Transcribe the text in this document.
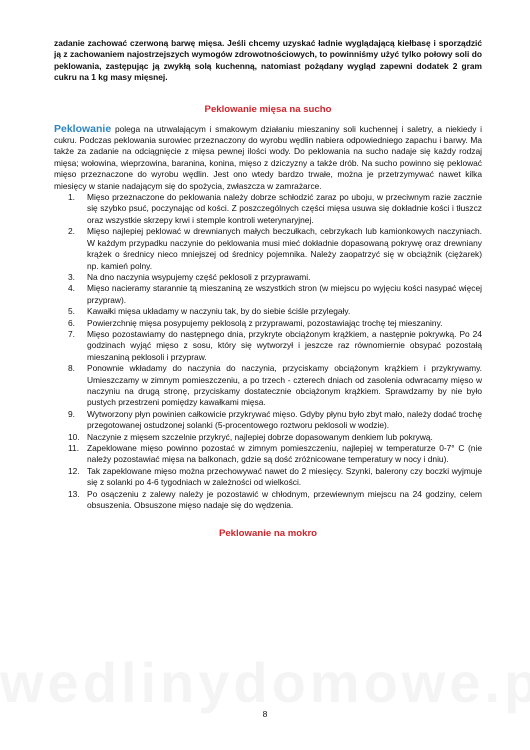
zadanie zachować czerwoną barwę mięsa. Jeśli chcemy uzyskać ładnie wyglądającą kiełbasę i sporządzić ją z zachowaniem najostrzejszych wymogów zdrowotnościowych, to powinniśmy użyć tylko połowy soli do peklowania, zastępując ją zwykłą solą kuchenną, natomiast pożądany wygląd zapewni dodatek 2 gram cukru na 1 kg masy mięsnej.

Peklowanie mięsa na sucho

Peklowanie polega na utrwalającym i smakowym działaniu mieszaniny soli kuchennej i saletry, a niekiedy i cukru. Podczas peklowania surowiec przeznaczony do wyrobu wędlin nabiera odpowiedniego zapachu i barwy. Ma także za zadanie na odciągnięcie z mięsa pewnej ilości wody. Do peklowania na sucho nadaje się każdy rodzaj mięsa; wołowina, wieprzowina, baranina, konina, mięso z dziczyzny a także drób. Na sucho powinno się peklować mięso przeznaczone do wyrobu wędlin. Jest ono wtedy bardzo trwałe, można je przetrzymywać nawet kilka miesięcy w stanie nadającym się do spożycia, zwłaszcza w zamrażarce.

1. Mięso przeznaczone do peklowania należy dobrze schłodzić zaraz po uboju, w przeciwnym razie zacznie się szybko psuć, poczynając od kości. Z poszczególnych części mięsa usuwa się dokładnie kości i tłuszcz oraz wszystkie skrzepy krwi i stemple kontroli weterynaryjnej.
2. Mięso najlepiej peklować w drewnianych małych beczułkach, cebrzykach lub kamionkowych naczyniach. W każdym przypadku naczynie do peklowania musi mieć dokładnie dopasowaną pokrywę oraz drewniany krążek o średnicy nieco mniejszej od średnicy pojemnika. Należy zaopatrzyć się w obciążnik (ciężarek) np. kamień polny.
3. Na dno naczynia wsypujemy część peklosoli z przyprawami.
4. Mięso nacieramy starannie tą mieszaniną ze wszystkich stron (w miejscu po wyjęciu kości nasypać więcej przypraw).
5. Kawałki mięsa układamy w naczyniu tak, by do siebie ściśle przylegały.
6. Powierzchnię mięsa posypujemy peklosolą z przyprawami, pozostawiając trochę tej mieszaniny.
7. Mięso pozostawiamy do następnego dnia, przykryte obciążonym krążkiem, a następnie pokrywką. Po 24 godzinach wyjąć mięso z sosu, który się wytworzył i jeszcze raz równomiernie obsypać pozostałą mieszaniną peklosoli i przypraw.
8. Ponownie wkładamy do naczynia do naczynia, przyciskamy obciążonym krążkiem i przykrywamy. Umieszczamy w zimnym pomieszczeniu, a po trzech - czterech dniach od zasolenia odwracamy mięso w naczyniu na drugą stronę, przyciskamy dostatecznie obciążonym krążkiem. Sprawdzamy by nie było pustych przestrzeni pomiędzy kawałkami mięsa.
9. Wytworzony płyn powinien całkowicie przykrywać mięso. Gdyby płynu było zbyt mało, należy dodać trochę przegotowanej ostudzonej solanki (5-procentowego roztworu peklosoli w wodzie).
10. Naczynie z mięsem szczelnie przykryć, najlepiej dobrze dopasowanym denkiem lub pokrywą.
11. Zapeklowane mięso powinno pozostać w zimnym pomieszczeniu, najlepiej w temperaturze 0-7° C (nie należy pozostawiać mięsa na balkonach, gdzie są dość zróżnicowane temperatury w nocy i dniu).
12. Tak zapeklowane mięso można przechowywać nawet do 2 miesięcy. Szynki, balerony czy boczki wyjmuje się z solanki po 4-6 tygodniach w zależności od wielkości.
13. Po osączeniu z zalewy należy je pozostawić w chłodnym, przewiewnym miejscu na 24 godziny, celem obsuszenia. Obsuszone mięso nadaje się do wędzenia.
Peklowanie na mokro
8
